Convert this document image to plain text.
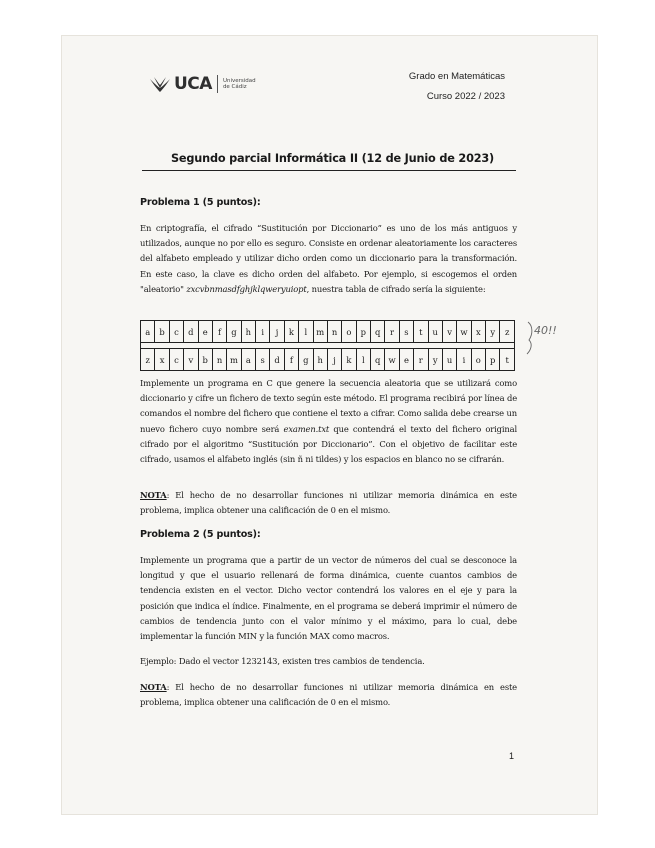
UCA Universidad
de Cádiz
Grado en Matemáticas
Curso 2022 / 2023
Segundo parcial Informática II (12 de Junio de 2023)
Problema 1 (5 puntos):
En criptografía, el cifrado “Sustitución por Diccionario” es uno de los más antiguos y utilizados, aunque no por ello es seguro. Consiste en ordenar aleatoriamente los caracteres del alfabeto empleado y utilizar dicho orden como un diccionario para la transformación. En este caso, la clave es dicho orden del alfabeto. Por ejemplo, si escogemos el orden "aleatorio" zxcvbnmasdfghjklqweryuiopt, nuestra tabla de cifrado sería la siguiente:
a	b	c	d	e	f	g	h	i	j	k	l	m	n	o	p	q	r	s	t	u	v	w	x	y	z

z	x	c	v	b	n	m	a	s	d	f	g	h	j	k	l	q	w	e	r	y	u	i	o	p	t
40!!
Implemente un programa en C que genere la secuencia aleatoria que se utilizará como diccionario y cifre un fichero de texto según este método. El programa recibirá por línea de comandos el nombre del fichero que contiene el texto a cifrar. Como salida debe crearse un nuevo fichero cuyo nombre será examen.txt que contendrá el texto del fichero original cifrado por el algoritmo “Sustitución por Diccionario”. Con el objetivo de facilitar este cifrado, usamos el alfabeto inglés (sin ñ ni tildes) y los espacios en blanco no se cifrarán.
NOTA: El hecho de no desarrollar funciones ni utilizar memoria dinámica en este problema, implica obtener una calificación de 0 en el mismo.
Problema 2 (5 puntos):
Implemente un programa que a partir de un vector de números del cual se desconoce la longitud y que el usuario rellenará de forma dinámica, cuente cuantos cambios de tendencia existen en el vector. Dicho vector contendrá los valores en el eje y para la posición que indica el índice. Finalmente, en el programa se deberá imprimir el número de cambios de tendencia junto con el valor mínimo y el máximo, para lo cual, debe implementar la función MIN y la función MAX como macros.
Ejemplo: Dado el vector 1232143, existen tres cambios de tendencia.
NOTA: El hecho de no desarrollar funciones ni utilizar memoria dinámica en este problema, implica obtener una calificación de 0 en el mismo.
1
